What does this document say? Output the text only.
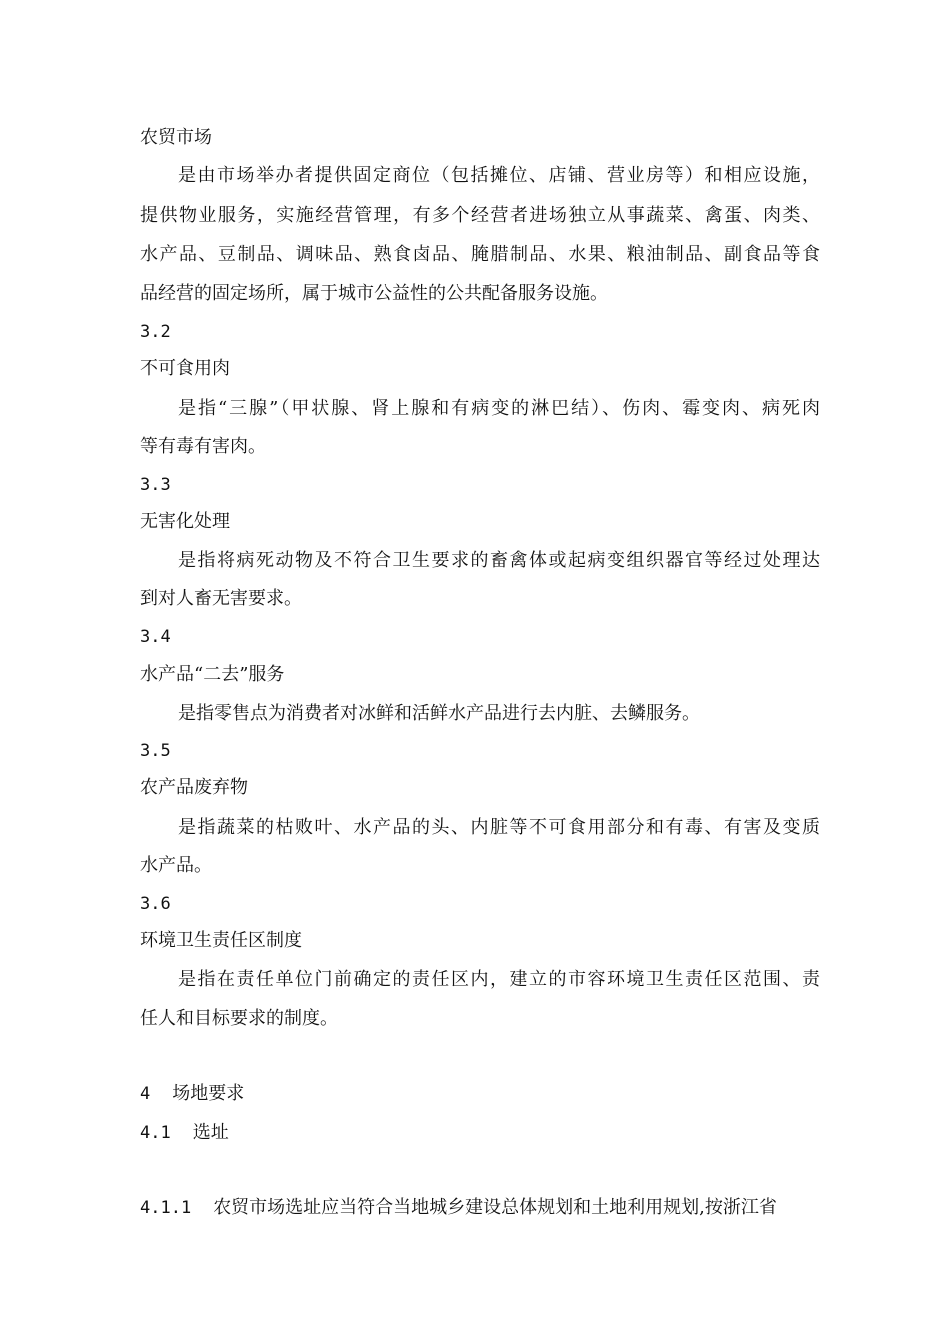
农贸市场
是由市场举办者提供固定商位（包括摊位、店铺、营业房等）和相应设施，
提供物业服务，实施经营管理，有多个经营者进场独立从事蔬菜、禽蛋、肉类、
水产品、豆制品、调味品、熟食卤品、腌腊制品、水果、粮油制品、副食品等食
品经营的固定场所，属于城市公益性的公共配备服务设施。
3.2
不可食用肉
是指“三腺”（甲状腺、肾上腺和有病变的淋巴结）、伤肉、霉变肉、病死肉
等有毒有害肉。
3.3
无害化处理
是指将病死动物及不符合卫生要求的畜禽体或起病变组织器官等经过处理达
到对人畜无害要求。
3.4
水产品“二去”服务
是指零售点为消费者对冰鲜和活鲜水产品进行去内脏、去鳞服务。
3.5
农产品废弃物
是指蔬菜的枯败叶、水产品的头、内脏等不可食用部分和有毒、有害及变质
水产品。
3.6
环境卫生责任区制度
是指在责任单位门前确定的责任区内，建立的市容环境卫生责任区范围、责
任人和目标要求的制度。
4 场地要求
4.1 选址
4.1.1 农贸市场选址应当符合当地城乡建设总体规划和土地利用规划,按浙江省
